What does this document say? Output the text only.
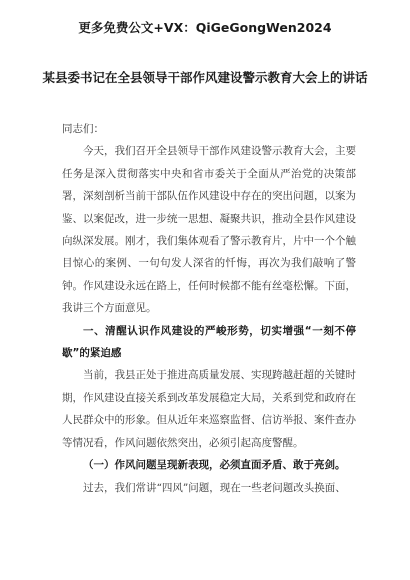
更多免费公文+VX：QiGeGongWen2024
某县委书记在全县领导干部作风建设警示教育大会上的讲话

同志们：

今天，我们召开全县领导干部作风建设警示教育大会，主要任务是深入贯彻落实中央和省市委关于全面从严治党的决策部署，深刻剖析当前干部队伍作风建设中存在的突出问题，以案为鉴、以案促改，进一步统一思想、凝聚共识，推动全县作风建设向纵深发展。刚才，我们集体观看了警示教育片，片中一个个触目惊心的案例、一句句发人深省的忏悔，再次为我们敲响了警钟。作风建设永远在路上，任何时候都不能有丝毫松懈。下面，我讲三个方面意见。

一、清醒认识作风建设的严峻形势，切实增强“一刻不停歇”的紧迫感

当前，我县正处于推进高质量发展、实现跨越赶超的关键时期，作风建设直接关系到改革发展稳定大局，关系到党和政府在人民群众中的形象。但从近年来巡察监督、信访举报、案件查办等情况看，作风问题依然突出，必须引起高度警醒。

（一）作风问题呈现新表现，必须直面矛盾、敢于亮剑。

过去，我们常讲“四风”问题，现在一些老问题改头换面、
